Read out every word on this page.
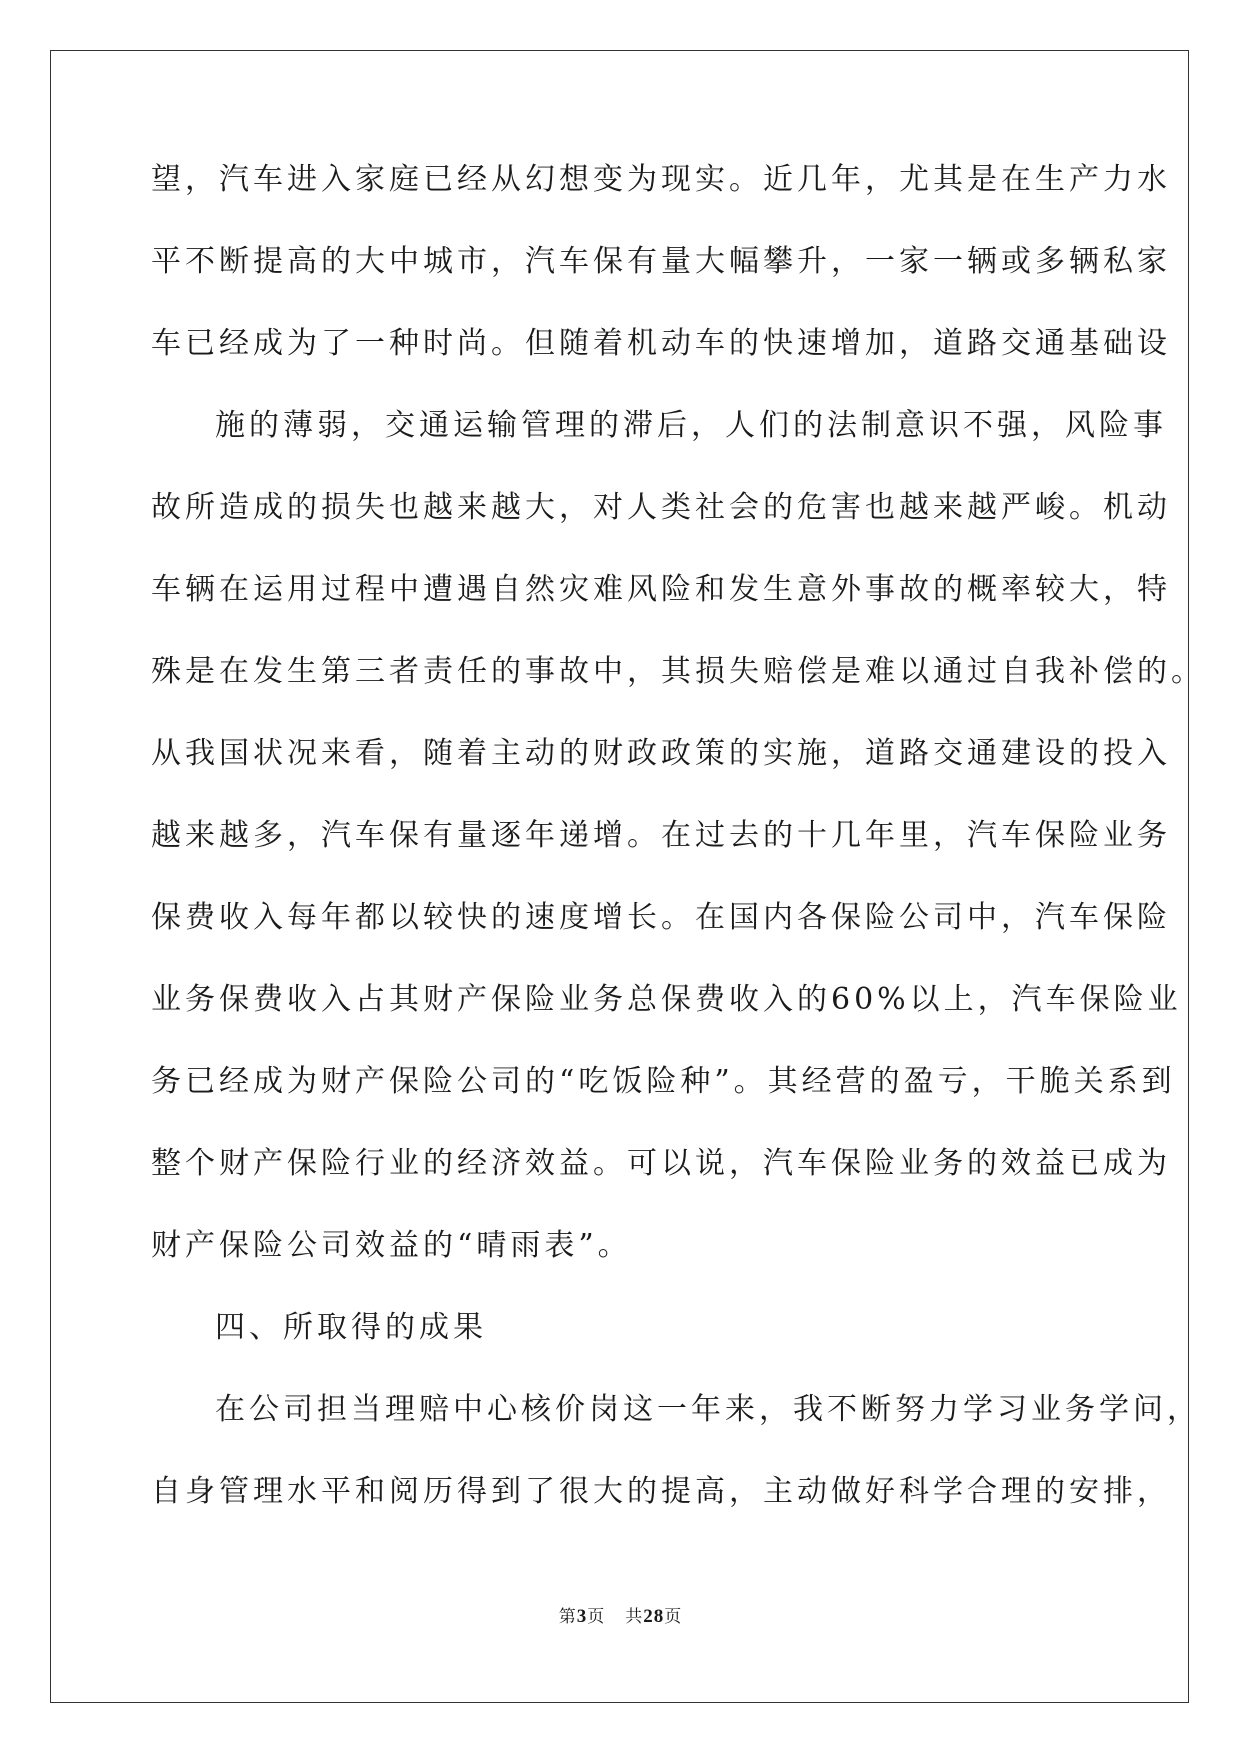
望，汽车进入家庭已经从幻想变为现实。近几年，尤其是在生产力水
平不断提高的大中城市，汽车保有量大幅攀升，一家一辆或多辆私家
车已经成为了一种时尚。但随着机动车的快速增加，道路交通基础设
施的薄弱，交通运输管理的滞后，人们的法制意识不强，风险事
故所造成的损失也越来越大，对人类社会的危害也越来越严峻。机动
车辆在运用过程中遭遇自然灾难风险和发生意外事故的概率较大，特
殊是在发生第三者责任的事故中，其损失赔偿是难以通过自我补偿的。
从我国状况来看，随着主动的财政政策的实施，道路交通建设的投入
越来越多，汽车保有量逐年递增。在过去的十几年里，汽车保险业务
保费收入每年都以较快的速度增长。在国内各保险公司中，汽车保险
业务保费收入占其财产保险业务总保费收入的60%以上，汽车保险业
务已经成为财产保险公司的“吃饭险种”。其经营的盈亏，干脆关系到
整个财产保险行业的经济效益。可以说，汽车保险业务的效益已成为
财产保险公司效益的“晴雨表”。
四、所取得的成果
在公司担当理赔中心核价岗这一年来，我不断努力学习业务学问，
自身管理水平和阅历得到了很大的提高，主动做好科学合理的安排，
第3页 共28页
